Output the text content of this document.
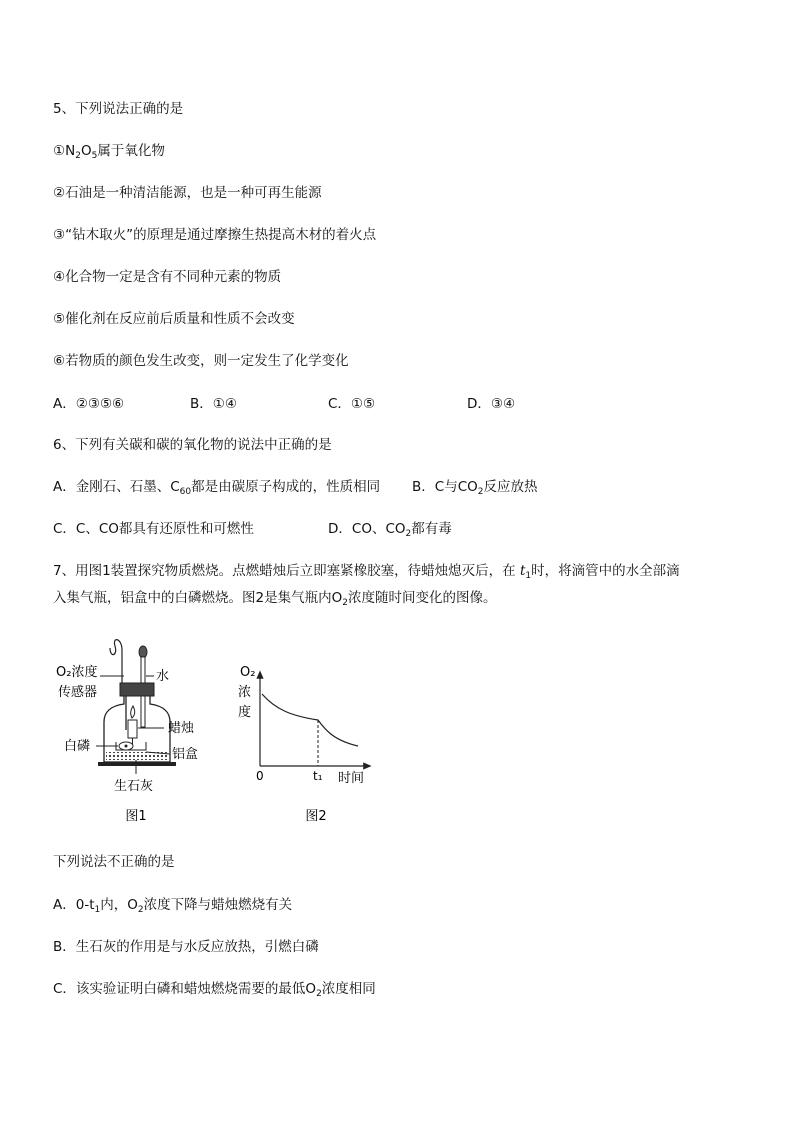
5、下列说法正确的是
$①N_2O_5$属于氧化物
②石油是一种清洁能源，也是一种可再生能源
③“钻木取火”的原理是通过摩擦生热提高木材的着火点
④化合物一定是含有不同种元素的物质
⑤催化剂在反应前后质量和性质不会改变
⑥若物质的颜色发生改变，则一定发生了化学变化
A．②③⑤⑥	B．①④	C．①⑤	D．③④
6、下列有关碳和碳的氧化物的说法中正确的是
A．金刚石、石墨、$C_{60}$都是由碳原子构成的，性质相同 B．C与$CO_2$反应放热
C．C、CO都具有还原性和可燃性	D．CO、$CO_2$都有毒
7、用图1装置探究物质燃烧。点燃蜡烛后立即塞紧橡胶塞，待蜡烛熄灭后，在 $t_1$时，将滴管中的水全部滴
入集气瓶，铝盒中的白磷燃烧。图2是集气瓶内$O_2$浓度随时间变化的图像。
O₂浓度
传感器
水
蜡烛
白磷
铝盒
生石灰
图1
O₂
浓
度
0	t₁ 时间
图2
下列说法不正确的是
A．$0-t_1$内，$O_2$浓度下降与蜡烛燃烧有关
B．生石灰的作用是与水反应放热，引燃白磷
C．该实验证明白磷和蜡烛燃烧需要的最低$O_2$浓度相同
